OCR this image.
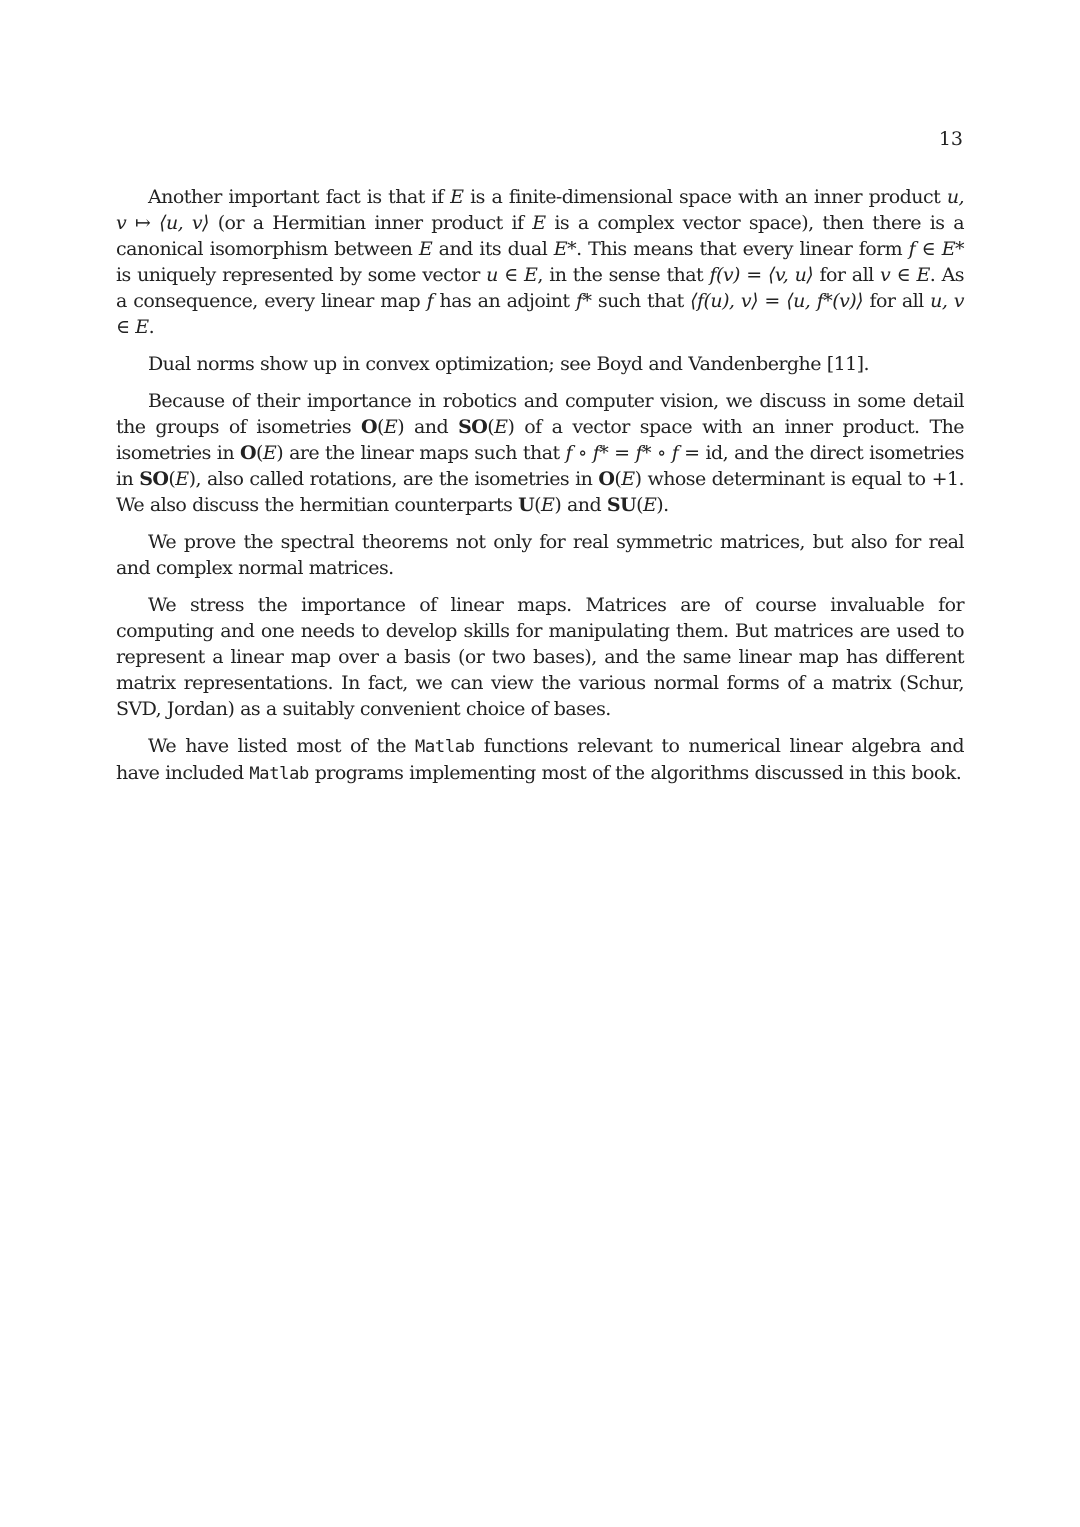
13

Another important fact is that if E is a finite-dimensional space with an inner product u, v ↦ ⟨u, v⟩ (or a Hermitian inner product if E is a complex vector space), then there is a canonical isomorphism between E and its dual E*. This means that every linear form f ∈ E* is uniquely represented by some vector u ∈ E, in the sense that f(v) = ⟨v, u⟩ for all v ∈ E. As a consequence, every linear map f has an adjoint f* such that ⟨f(u), v⟩ = ⟨u, f*(v)⟩ for all u, v ∈ E.

Dual norms show up in convex optimization; see Boyd and Vandenberghe [11].

Because of their importance in robotics and computer vision, we discuss in some detail the groups of isometries O(E) and SO(E) of a vector space with an inner product. The isometries in O(E) are the linear maps such that f ∘ f* = f* ∘ f = id, and the direct isometries in SO(E), also called rotations, are the isometries in O(E) whose determinant is equal to +1. We also discuss the hermitian counterparts U(E) and SU(E).

We prove the spectral theorems not only for real symmetric matrices, but also for real and complex normal matrices.

We stress the importance of linear maps. Matrices are of course invaluable for computing and one needs to develop skills for manipulating them. But matrices are used to represent a linear map over a basis (or two bases), and the same linear map has different matrix representations. In fact, we can view the various normal forms of a matrix (Schur, SVD, Jordan) as a suitably convenient choice of bases.

We have listed most of the Matlab functions relevant to numerical linear algebra and have included Matlab programs implementing most of the algorithms discussed in this book.
